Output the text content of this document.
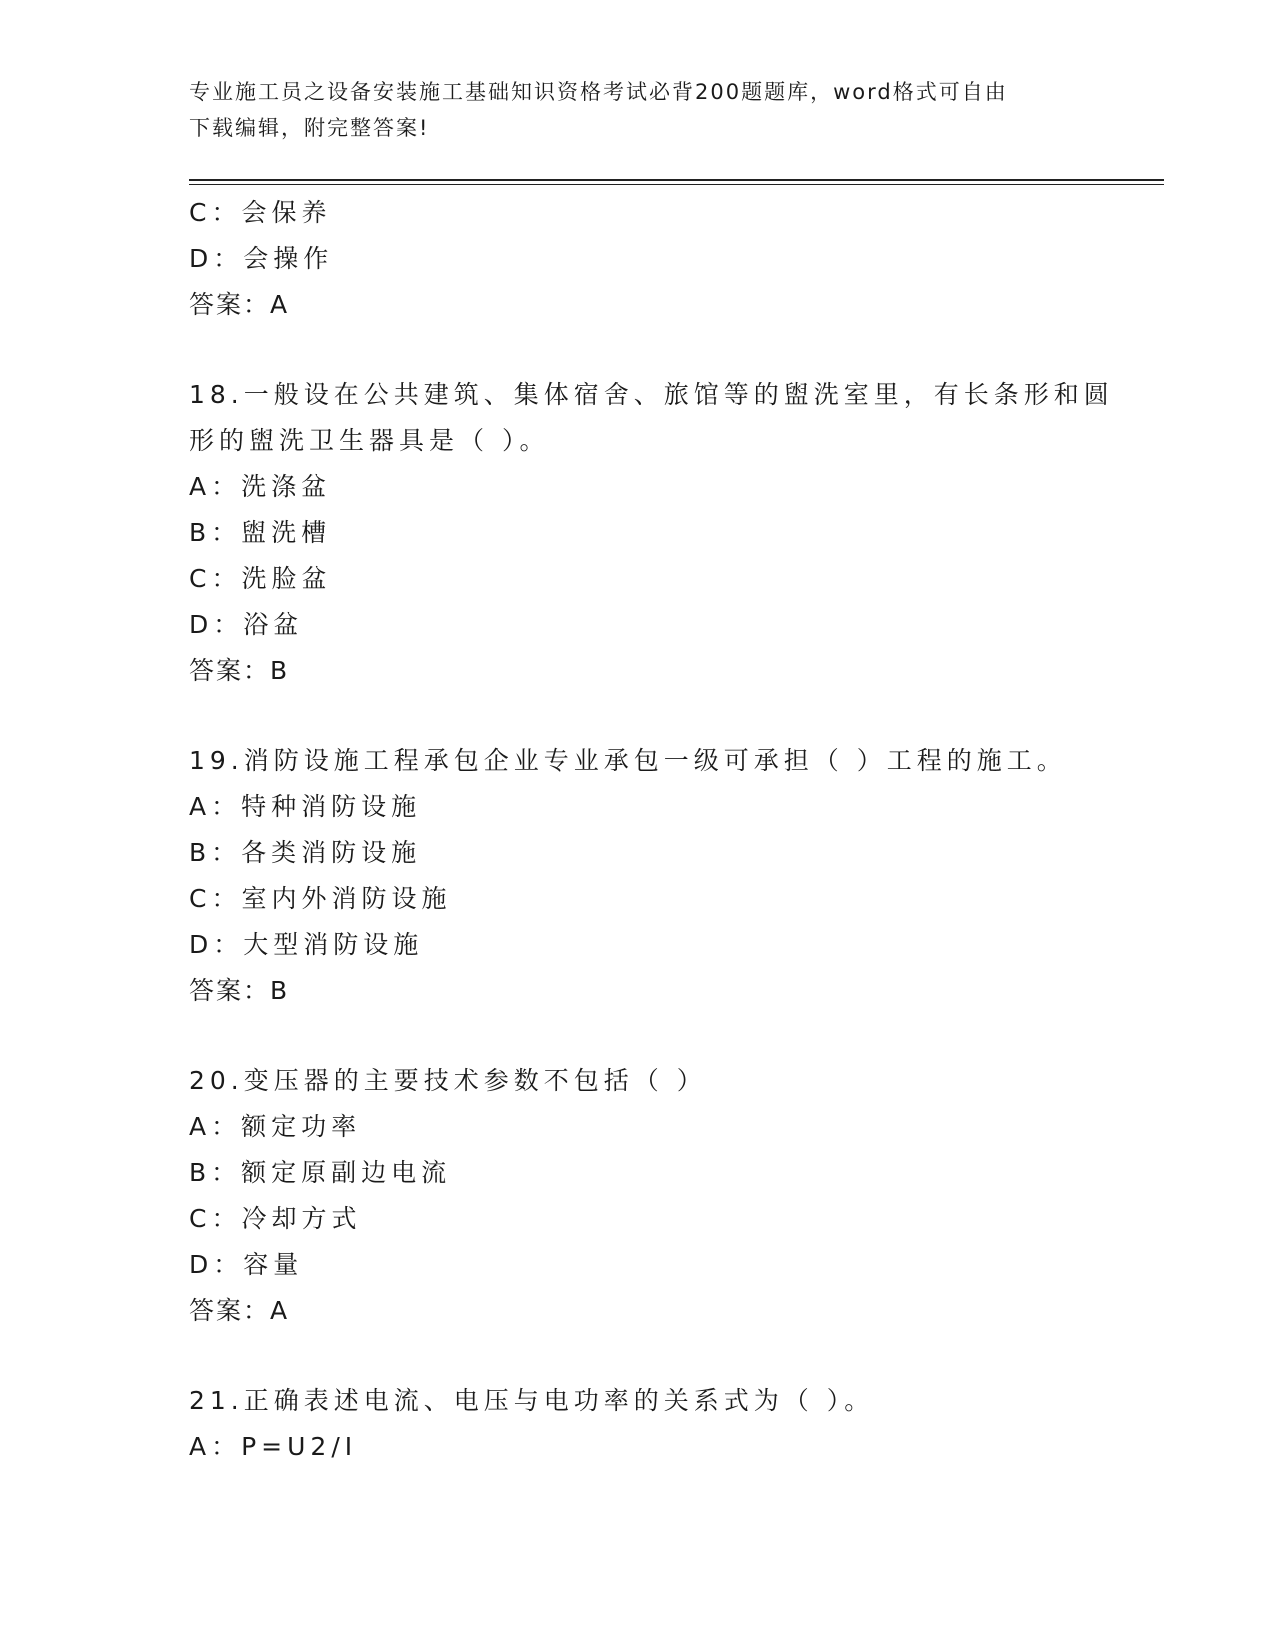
专业施工员之设备安装施工基础知识资格考试必背200题题库，word格式可自由
下载编辑，附完整答案!
C：会保养
D：会操作
答案：A
18.一般设在公共建筑、集体宿舍、旅馆等的盥洗室里，有长条形和圆
形的盥洗卫生器具是（ ）。
A：洗涤盆
B：盥洗槽
C：洗脸盆
D：浴盆
答案：B
19.消防设施工程承包企业专业承包一级可承担（ ）工程的施工。
A：特种消防设施
B：各类消防设施
C：室内外消防设施
D：大型消防设施
答案：B
20.变压器的主要技术参数不包括（ ）
A：额定功率
B：额定原副边电流
C：冷却方式
D：容量
答案：A
21.正确表述电流、电压与电功率的关系式为（ ）。
A：P=U2/I
